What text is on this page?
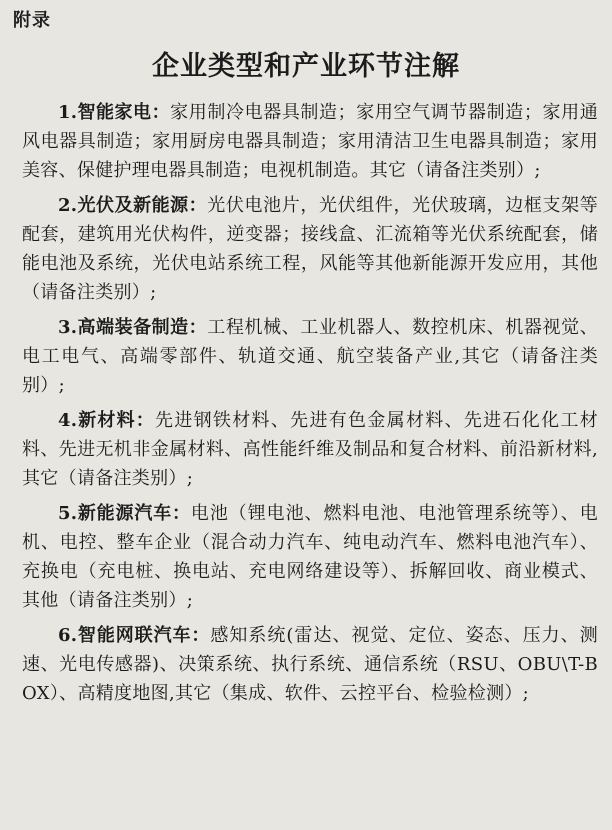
附录
企业类型和产业环节注解

1.智能家电：家用制冷电器具制造；家用空气调节器制造；家用通风电器具制造；家用厨房电器具制造；家用清洁卫生电器具制造；家用美容、保健护理电器具制造；电视机制造。其它（请备注类别）;

2.光伏及新能源：光伏电池片，光伏组件，光伏玻璃，边框支架等配套，建筑用光伏构件，逆变器；接线盒、汇流箱等光伏系统配套，储能电池及系统，光伏电站系统工程，风能等其他新能源开发应用，其他（请备注类别）;

3.高端装备制造：工程机械、工业机器人、数控机床、机器视觉、电工电气、高端零部件、轨道交通、航空装备产业,其它（请备注类别）;

4.新材料：先进钢铁材料、先进有色金属材料、先进石化化工材料、先进无机非金属材料、高性能纤维及制品和复合材料、前沿新材料,其它（请备注类别）;

5.新能源汽车：电池（锂电池、燃料电池、电池管理系统等）、电机、电控、整车企业（混合动力汽车、纯电动汽车、燃料电池汽车）、充换电（充电桩、换电站、充电网络建设等）、拆解回收、商业模式、其他（请备注类别）;

6.智能网联汽车：感知系统(雷达、视觉、定位、姿态、压力、测速、光电传感器)、决策系统、执行系统、通信系统（RSU、OBU\T-BOX）、高精度地图,其它（集成、软件、云控平台、检验检测）;
